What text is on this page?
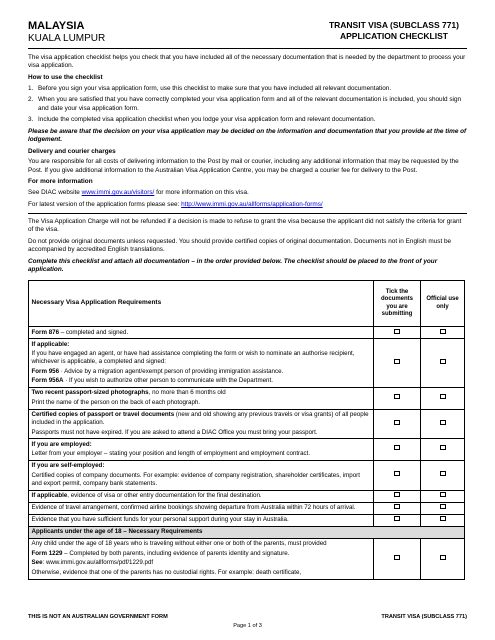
MALAYSIA
KUALA LUMPUR
TRANSIT VISA (SUBCLASS 771)
APPLICATION CHECKLIST

The visa application checklist helps you check that you have included all of the necessary documentation that is needed by the department to process your visa application.

How to use the checklist

1. Before you sign your visa application form, use this checklist to make sure that you have included all relevant documentation.
2. When you are satisfied that you have correctly completed your visa application form and all of the relevant documentation is included, you should sign and date your visa application form.
3. Include the completed visa application checklist when you lodge your visa application form and relevant documentation.

Please be aware that the decision on your visa application may be decided on the information and documentation that you provide at the time of lodgement.

Delivery and courier charges

You are responsible for all costs of delivering information to the Post by mail or courier, including any additional information that may be requested by the Post. If you give additional information to the Australian Visa Application Centre, you may be charged a courier fee for delivery to the Post.

For more information

See DIAC website www.immi.gov.au/visitors/ for more information on this visa.

For latest version of the application forms please see: http://www.immi.gov.au/allforms/application-forms/

The Visa Application Charge will not be refunded if a decision is made to refuse to grant the visa because the applicant did not satisfy the criteria for grant of the visa.

Do not provide original documents unless requested. You should provide certified copies of original documentation. Documents not in English must be accompanied by accredited English translations.

Complete this checklist and attach all documentation – in the order provided below. The checklist should be placed to the front of your application.

Necessary Visa Application Requirements	Tick the documents you are submitting	Official use only
Form 876 – completed and signed.		

If applicable:
If you have engaged an agent, or have had assistance completing the form or wish to nominate an authorise recipient, whichever is applicable, a completed and signed:
Form 956 · Advice by a migration agent/exempt person of providing immigration assistance.
Form 956A · If you wish to authorize other person to communicate with the Department.		

Two recent passport-sized photographs, no more than 6 months old
Print the name of the person on the back of each photograph.		

Certified copies of passport or travel documents (new and old showing any previous travels or visa grants) of all people included in the application.
Passports must not have expired. If you are asked to attend a DIAC Office you must bring your passport.		

If you are employed:
Letter from your employer – stating your position and length of employment and employment contract.		

If you are self-employed:
Certified copies of company documents. For example: evidence of company registration, shareholder certificates, import and export permit, company bank statements.		

If applicable, evidence of visa or other entry documentation for the final destination.		
Evidence of travel arrangement, confirmed airline bookings showing departure from Australia within 72 hours of arrival.		
Evidence that you have sufficient funds for your personal support during your stay in Australia.		
Applicants under the age of 18 – Necessary Requirements		

Any child under the age of 18 years who is traveling without either one or both of the parents, must provided
Form 1229 – Completed by both parents, including evidence of parents identity and signature.
See: www.immi.gov.au/allforms/pdf/1229.pdf
Otherwise, evidence that one of the parents has no custodial rights. For example: death certificate,		

THIS IS NOT AN AUSTRALIAN GOVERNMENT FORM	TRANSIT VISA (SUBCLASS 771)
Page 1 of 3
